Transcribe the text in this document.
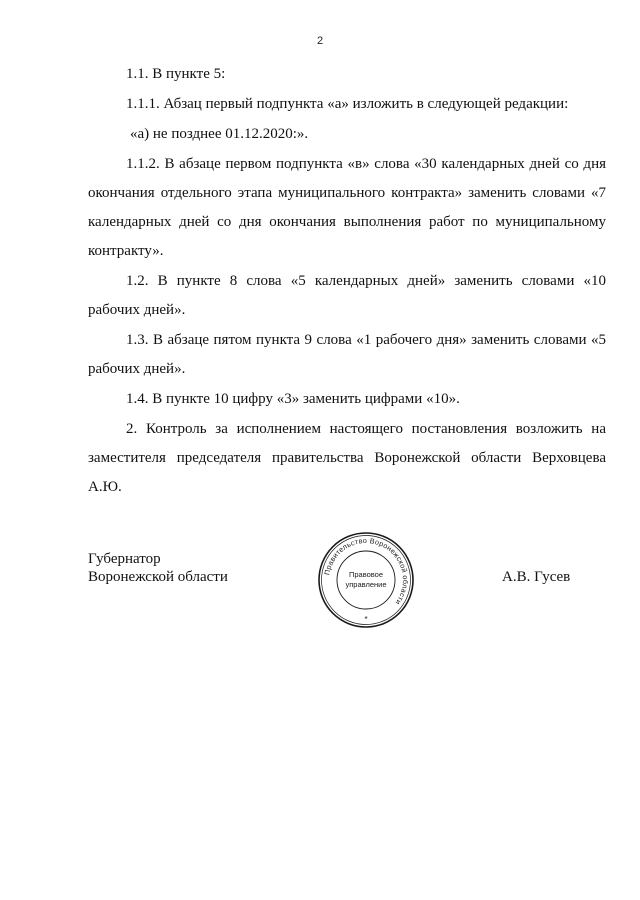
2

1.1. В пункте 5:

1.1.1. Абзац первый подпункта «а» изложить в следующей редакции:

«а) не позднее 01.12.2020:».

1.1.2. В абзаце первом подпункта «в» слова «30 календарных дней со дня окончания отдельного этапа муниципального контракта» заменить словами «7 календарных дней со дня окончания выполнения работ по муниципальному контракту».

1.2. В пункте 8 слова «5 календарных дней» заменить словами «10 рабочих дней».

1.3. В абзаце пятом пункта 9 слова «1 рабочего дня» заменить словами «5 рабочих дней».

1.4. В пункте 10 цифру «3» заменить цифрами «10».

2. Контроль за исполнением настоящего постановления возложить на заместителя председателя правительства Воронежской области Верховцева А.Ю.

Губернатор
Воронежской области	Правительство Воронежской области
Правовое
управление
*
А.В. Гусев
